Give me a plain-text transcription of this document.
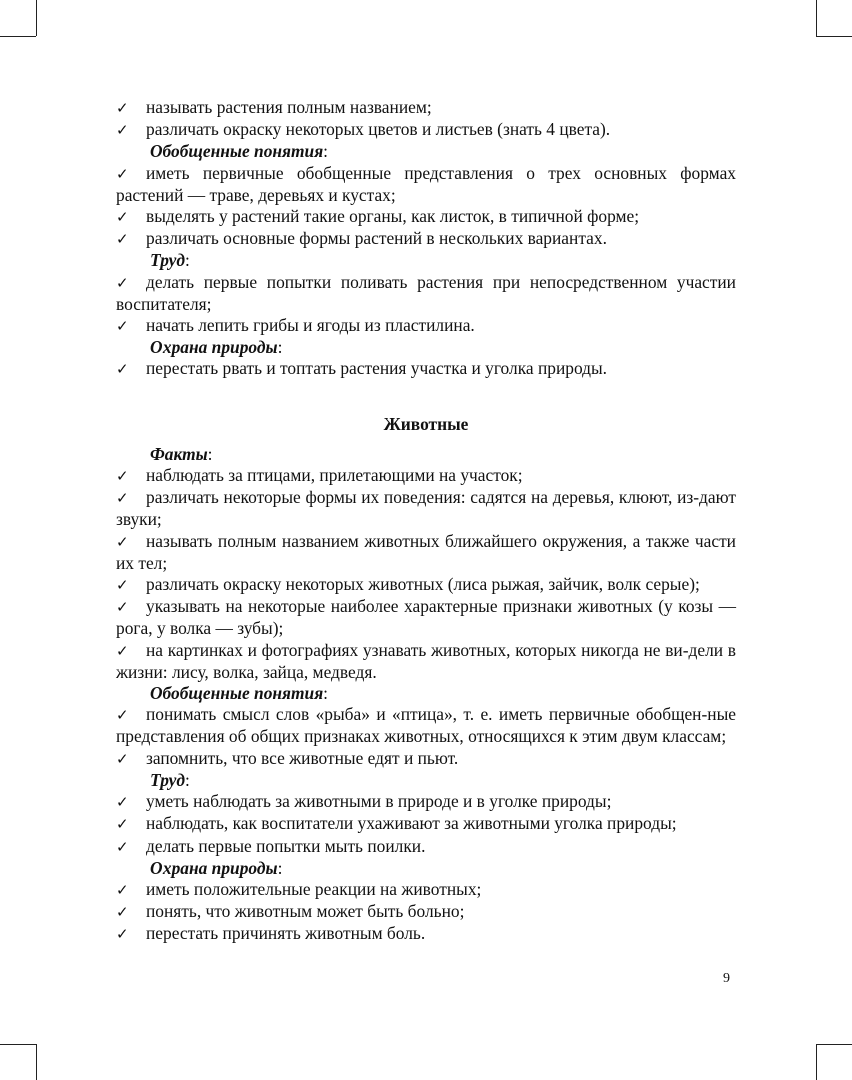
✓ называть растения полным названием;

✓ различать окраску некоторых цветов и листьев (знать 4 цвета).

Обобщенные понятия:

✓ иметь первичные обобщенные представления о трех основных формах растений — траве, деревьях и кустах;

✓ выделять у растений такие органы, как листок, в типичной форме;

✓ различать основные формы растений в нескольких вариантах.

Труд:

✓ делать первые попытки поливать растения при непосредственном участии воспитателя;

✓ начать лепить грибы и ягоды из пластилина.

Охрана природы:

✓ перестать рвать и топтать растения участка и уголка природы.

Животные

Факты:

✓ наблюдать за птицами, прилетающими на участок;

✓ различать некоторые формы их поведения: садятся на деревья, клюют, из-дают звуки;

✓ называть полным названием животных ближайшего окружения, а также части их тел;

✓ различать окраску некоторых животных (лиса рыжая, зайчик, волк серые);

✓ указывать на некоторые наиболее характерные признаки животных (у козы — рога, у волка — зубы);

✓ на картинках и фотографиях узнавать животных, которых никогда не ви-дели в жизни: лису, волка, зайца, медведя.

Обобщенные понятия:

✓ понимать смысл слов «рыба» и «птица», т. е. иметь первичные обобщен-ные представления об общих признаках животных, относящихся к этим двум классам;

✓ запомнить, что все животные едят и пьют.

Труд:

✓ уметь наблюдать за животными в природе и в уголке природы;

✓ наблюдать, как воспитатели ухаживают за животными уголка природы;

✓ делать первые попытки мыть поилки.

Охрана природы:

✓ иметь положительные реакции на животных;

✓ понять, что животным может быть больно;

✓ перестать причинять животным боль.

9
